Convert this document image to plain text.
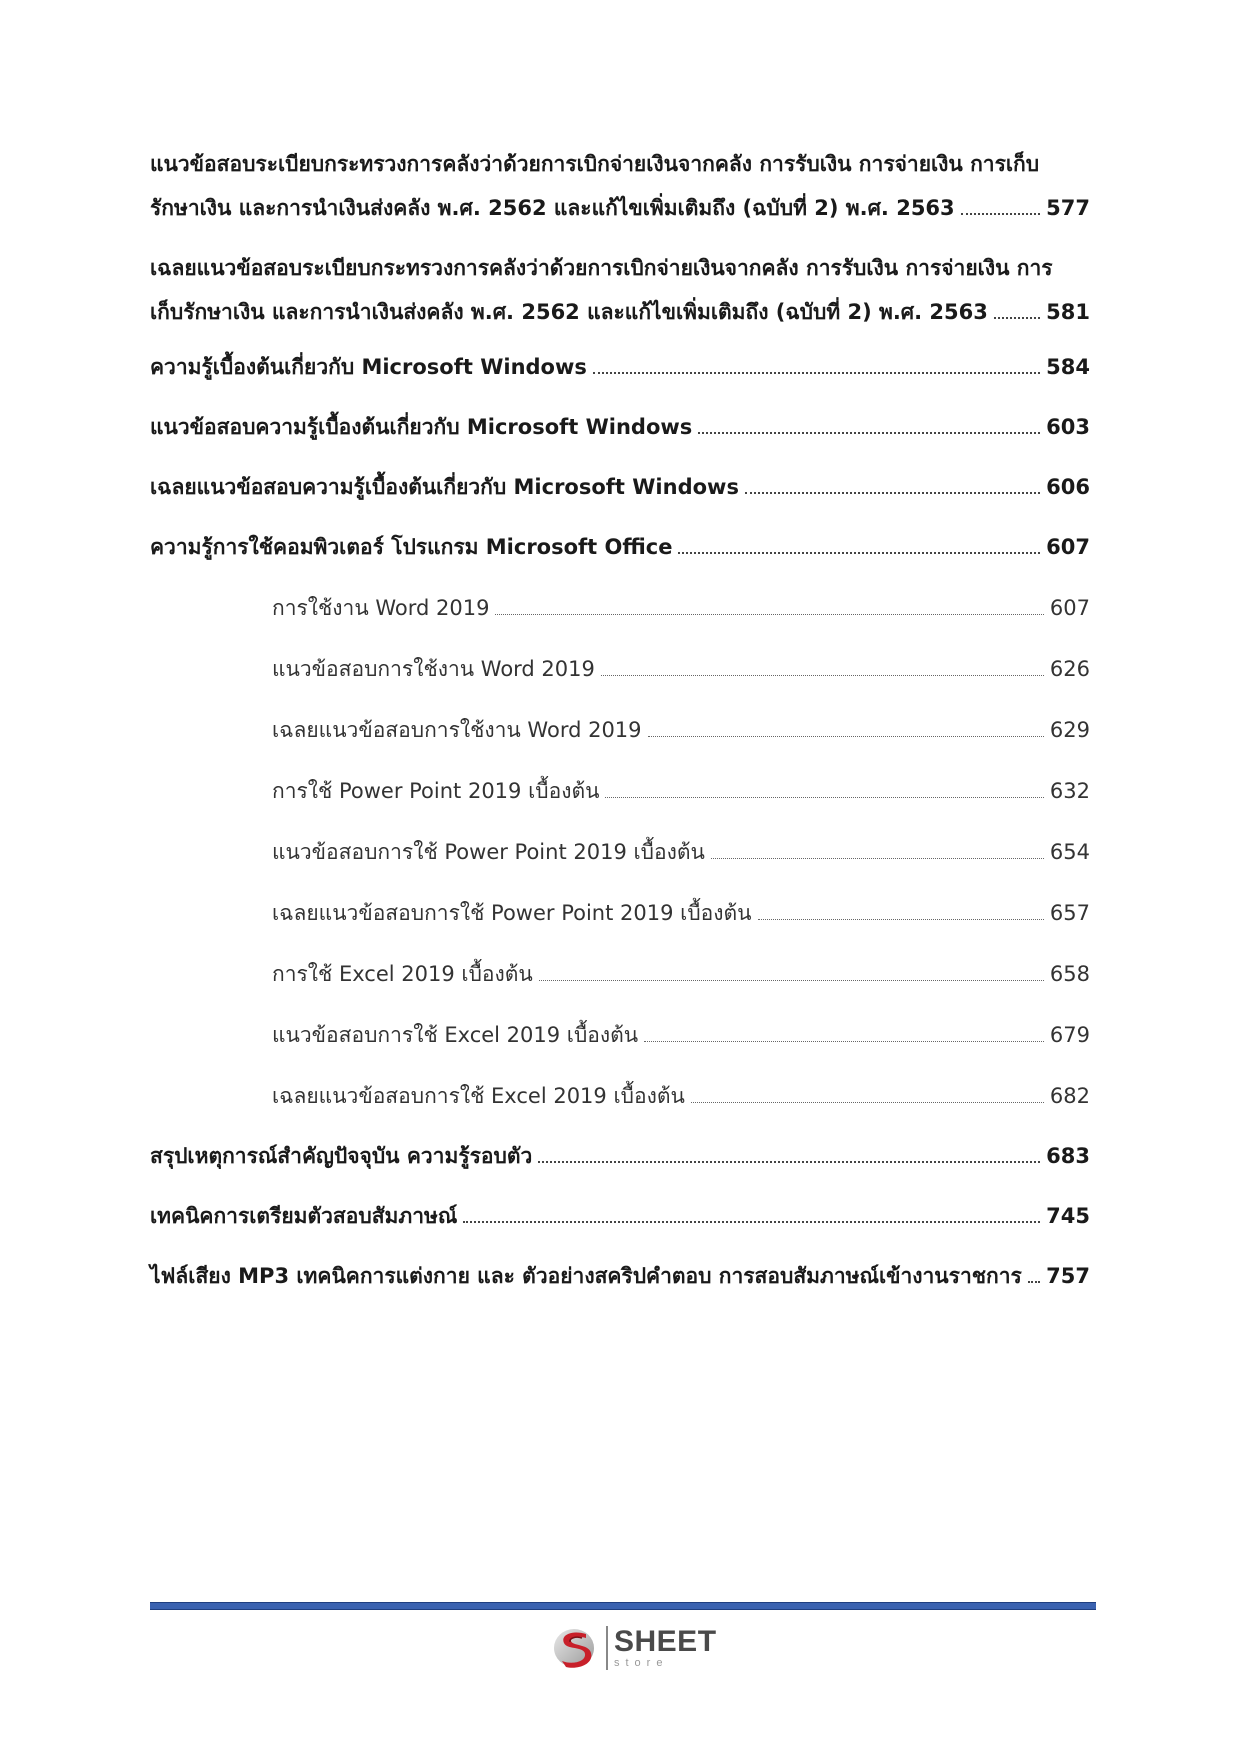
แนวข้อสอบระเบียบกระทรวงการคลังว่าด้วยการเบิกจ่ายเงินจากคลัง การรับเงิน การจ่ายเงิน การเก็บ
รักษาเงิน และการนำเงินส่งคลัง พ.ศ. 2562 และแก้ไขเพิ่มเติมถึง (ฉบับที่ 2) พ.ศ. 2563	577
เฉลยแนวข้อสอบระเบียบกระทรวงการคลังว่าด้วยการเบิกจ่ายเงินจากคลัง การรับเงิน การจ่ายเงิน การ
เก็บรักษาเงิน และการนำเงินส่งคลัง พ.ศ. 2562 และแก้ไขเพิ่มเติมถึง (ฉบับที่ 2) พ.ศ. 2563	581
ความรู้เบื้องต้นเกี่ยวกับ Microsoft Windows	584
แนวข้อสอบความรู้เบื้องต้นเกี่ยวกับ Microsoft Windows	603
เฉลยแนวข้อสอบความรู้เบื้องต้นเกี่ยวกับ Microsoft Windows	606
ความรู้การใช้คอมพิวเตอร์ โปรแกรม Microsoft Office	607
การใช้งาน Word 2019	607
แนวข้อสอบการใช้งาน Word 2019	626
เฉลยแนวข้อสอบการใช้งาน Word 2019	629
การใช้ Power Point 2019 เบื้องต้น	632
แนวข้อสอบการใช้ Power Point 2019 เบื้องต้น	654
เฉลยแนวข้อสอบการใช้ Power Point 2019 เบื้องต้น	657
การใช้ Excel 2019 เบื้องต้น	658
แนวข้อสอบการใช้ Excel 2019 เบื้องต้น	679
เฉลยแนวข้อสอบการใช้ Excel 2019 เบื้องต้น	682
สรุปเหตุการณ์สำคัญปัจจุบัน ความรู้รอบตัว	683
เทคนิคการเตรียมตัวสอบสัมภาษณ์	745
ไฟล์เสียง MP3 เทคนิคการแต่งกาย และ ตัวอย่างสคริปคำตอบ การสอบสัมภาษณ์เข้างานราชการ 757
SHEET
store
